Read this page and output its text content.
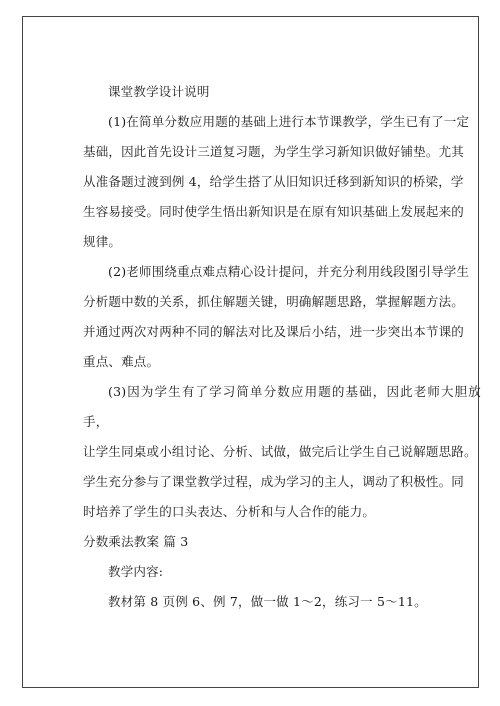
课堂教学设计说明

(1)在简单分数应用题的基础上进行本节课教学，学生已有了一定
基础，因此首先设计三道复习题，为学生学习新知识做好铺垫。尤其
从准备题过渡到例 4，给学生搭了从旧知识迁移到新知识的桥梁，学
生容易接受。同时使学生悟出新知识是在原有知识基础上发展起来的
规律。
(2)老师围绕重点难点精心设计提问，并充分利用线段图引导学生
分析题中数的关系，抓住解题关键，明确解题思路，掌握解题方法。
并通过两次对两种不同的解法对比及课后小结，进一步突出本节课的
重点、难点。
(3)因为学生有了学习简单分数应用题的基础，因此老师大胆放手，
让学生同桌或小组讨论、分析、试做，做完后让学生自己说解题思路。
学生充分参与了课堂教学过程，成为学习的主人，调动了积极性。同
时培养了学生的口头表达、分析和与人合作的能力。

分数乘法教案 篇 3

教学内容:

教材第 8 页例 6、例 7，做一做 1～2，练习一 5～11。
